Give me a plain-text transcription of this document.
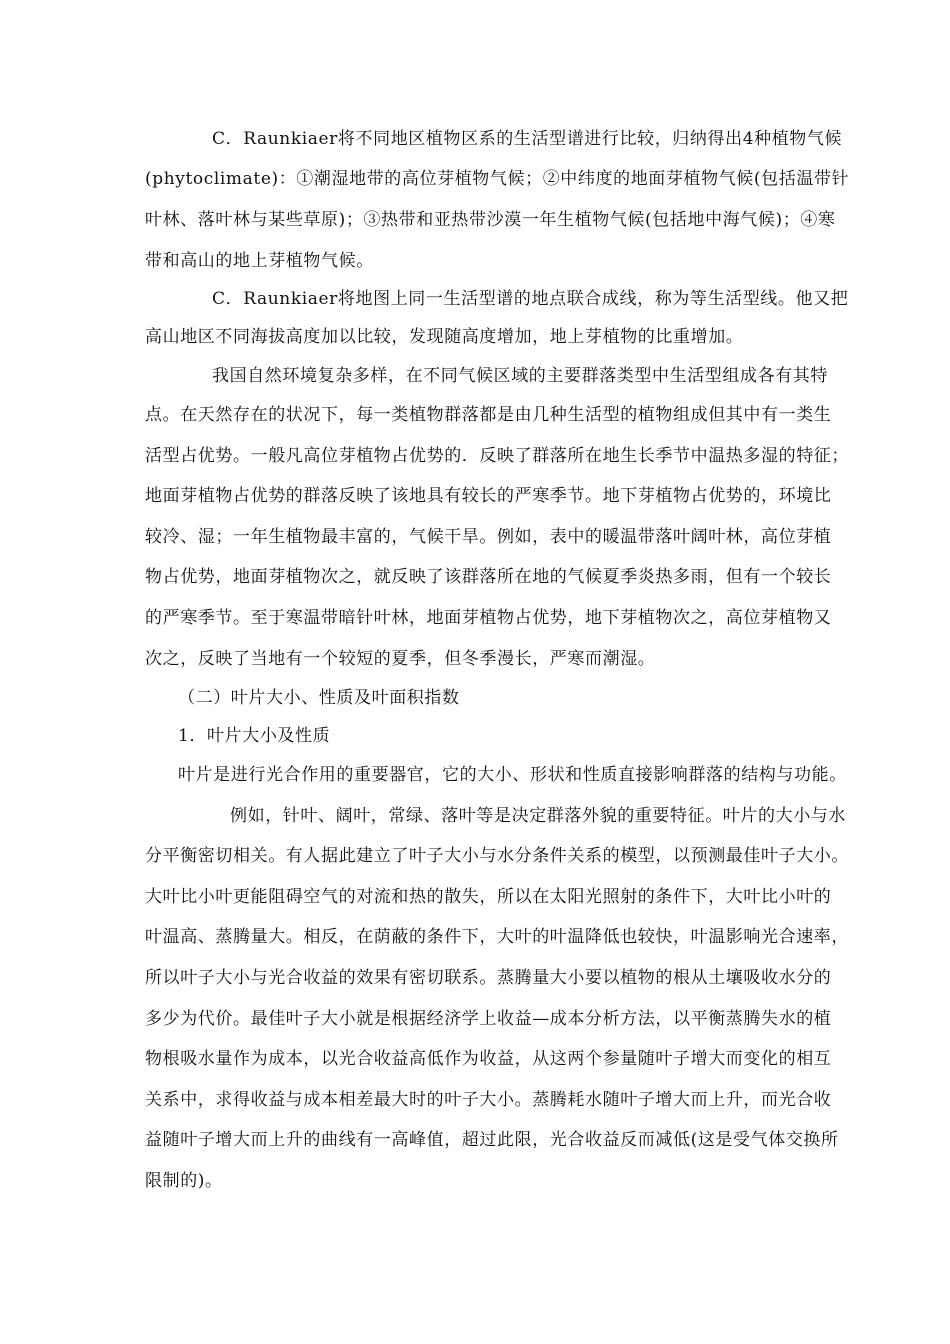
C．Raunkiaer将不同地区植物区系的生活型谱进行比较，归纳得出4种植物气候
(phytoclimate)：①潮湿地带的高位芽植物气候；②中纬度的地面芽植物气候(包括温带针
叶林、落叶林与某些草原)；③热带和亚热带沙漠一年生植物气候(包括地中海气候)；④寒
带和高山的地上芽植物气候。
C．Raunkiaer将地图上同一生活型谱的地点联合成线，称为等生活型线。他又把
高山地区不同海拔高度加以比较，发现随高度增加，地上芽植物的比重增加。
我国自然环境复杂多样，在不同气候区域的主要群落类型中生活型组成各有其特
点。在天然存在的状况下，每一类植物群落都是由几种生活型的植物组成但其中有一类生
活型占优势。一般凡高位芽植物占优势的．反映了群落所在地生长季节中温热多湿的特征；
地面芽植物占优势的群落反映了该地具有较长的严寒季节。地下芽植物占优势的，环境比
较冷、湿；一年生植物最丰富的，气候干旱。例如，表中的暖温带落叶阔叶林，高位芽植
物占优势，地面芽植物次之，就反映了该群落所在地的气候夏季炎热多雨，但有一个较长
的严寒季节。至于寒温带暗针叶林，地面芽植物占优势，地下芽植物次之，高位芽植物又
次之，反映了当地有一个较短的夏季，但冬季漫长，严寒而潮湿。
（二）叶片大小、性质及叶面积指数
1．叶片大小及性质
叶片是进行光合作用的重要器官，它的大小、形状和性质直接影响群落的结构与功能。
例如，针叶、阔叶，常绿、落叶等是决定群落外貌的重要特征。叶片的大小与水
分平衡密切相关。有人据此建立了叶子大小与水分条件关系的模型，以预测最佳叶子大小。
大叶比小叶更能阻碍空气的对流和热的散失，所以在太阳光照射的条件下，大叶比小叶的
叶温高、蒸腾量大。相反，在荫蔽的条件下，大叶的叶温降低也较快，叶温影响光合速率，
所以叶子大小与光合收益的效果有密切联系。蒸腾量大小要以植物的根从土壤吸收水分的
多少为代价。最佳叶子大小就是根据经济学上收益—成本分析方法，以平衡蒸腾失水的植
物根吸水量作为成本，以光合收益高低作为收益，从这两个参量随叶子增大而变化的相互
关系中，求得收益与成本相差最大时的叶子大小。蒸腾耗水随叶子增大而上升，而光合收
益随叶子增大而上升的曲线有一高峰值，超过此限，光合收益反而减低(这是受气体交换所
限制的)。
